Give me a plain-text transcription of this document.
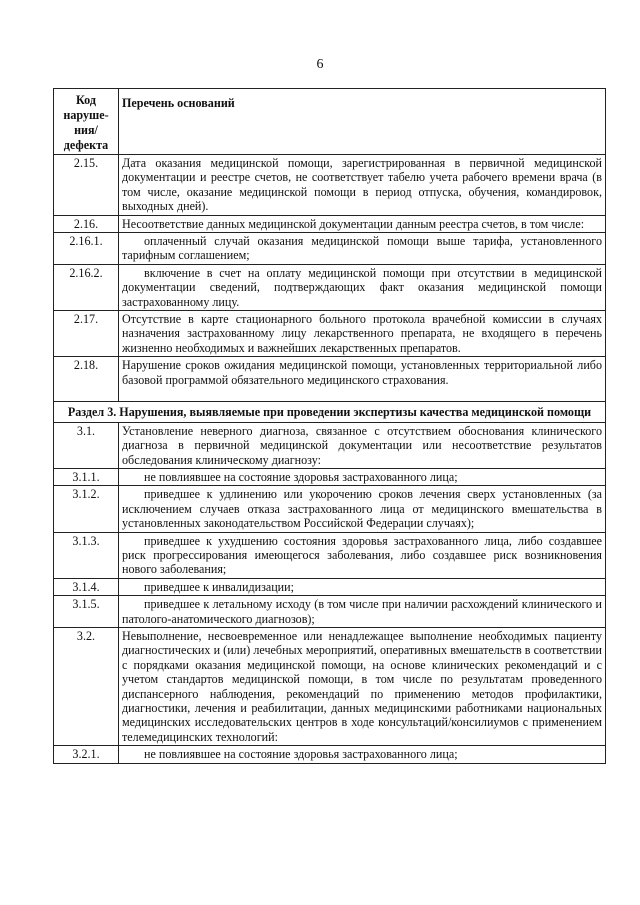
6
Код наруше-ния/ дефекта	Перечень оснований
2.15.	Дата оказания медицинской помощи, зарегистрированная в первичной медицинской документации и реестре счетов, не соответствует табелю учета рабочего времени врача (в том числе, оказание медицинской помощи в период отпуска, обучения, командировок, выходных дней).
2.16.	Несоответствие данных медицинской документации данным реестра счетов, в том числе:
2.16.1.	оплаченный случай оказания медицинской помощи выше тарифа, установленного тарифным соглашением;
2.16.2.	включение в счет на оплату медицинской помощи при отсутствии в медицинской документации сведений, подтверждающих факт оказания медицинской помощи застрахованному лицу.
2.17.	Отсутствие в карте стационарного больного протокола врачебной комиссии в случаях назначения застрахованному лицу лекарственного препарата, не входящего в перечень жизненно необходимых и важнейших лекарственных препаратов.
2.18.	Нарушение сроков ожидания медицинской помощи, установленных территориальной либо базовой программой обязательного медицинского страхования.
Раздел 3. Нарушения, выявляемые при проведении экспертизы качества медицинской помощи	
3.1.	Установление неверного диагноза, связанное с отсутствием обоснования клинического диагноза в первичной медицинской документации или несоответствие результатов обследования клиническому диагнозу:
3.1.1.	не повлиявшее на состояние здоровья застрахованного лица;
3.1.2.	приведшее к удлинению или укорочению сроков лечения сверх установленных (за исключением случаев отказа застрахованного лица от медицинского вмешательства в установленных законодательством Российской Федерации случаях);
3.1.3.	приведшее к ухудшению состояния здоровья застрахованного лица, либо создавшее риск прогрессирования имеющегося заболевания, либо создавшее риск возникновения нового заболевания;
3.1.4.	приведшее к инвалидизации;
3.1.5.	приведшее к летальному исходу (в том числе при наличии расхождений клинического и патолого-анатомического диагнозов);
3.2.	Невыполнение, несвоевременное или ненадлежащее выполнение необходимых пациенту диагностических и (или) лечебных мероприятий, оперативных вмешательств в соответствии с порядками оказания медицинской помощи, на основе клинических рекомендаций и с учетом стандартов медицинской помощи, в том числе по результатам проведенного диспансерного наблюдения, рекомендаций по применению методов профилактики, диагностики, лечения и реабилитации, данных медицинскими работниками национальных медицинских исследовательских центров в ходе консультаций/консилиумов с применением телемедицинских технологий:
3.2.1.	не повлиявшее на состояние здоровья застрахованного лица;
